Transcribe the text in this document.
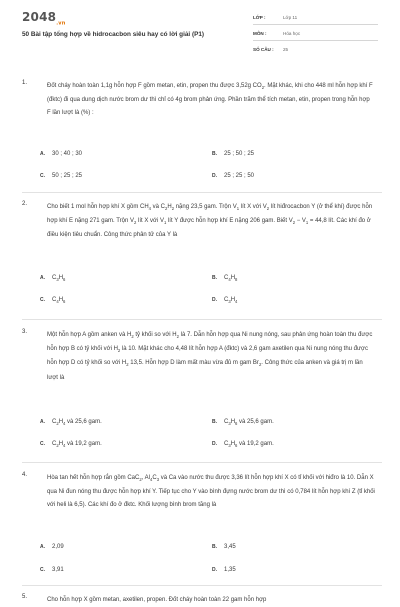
$2048_{.vn}$
50 Bài tập tổng hợp về hidrocacbon siêu hay có lời giải (P1)
LỚP :	Lớp 11
MÔN :	Hóa học
SỐ CÂU : 25
1.	Đốt cháy hoàn toàn 1,1g hỗn hợp F gồm metan, etin, propen thu được 3,52g $CO_2$. Mặt khác, khi cho 448 ml hỗn hợp khí F (đktc) đi qua dung dịch nước brom dư thì chỉ có 4g brom phản ứng. Phần trăm thể tích metan, etin, propen trong hỗn hợp F lần lượt là (%) :
A. 30 ; 40 ; 30	B. 25 ; 50 ; 25
C. 50 ; 25 ; 25	D. 25 ; 25 ; 50
2.	Cho biết 1 mol hỗn hợp khí X gồm $CH_4$ và $C_2H_2$ nặng 23,5 gam. Trộn $V_1$ lít X với $V_2$ lít hiđrocacbon Y (ở thể khí) được hỗn hợp khí E nặng 271 gam. Trộn $V_2$ lít X với $V_1$ lít Y được hỗn hợp khí E nặng 206 gam. Biết $V_2 - V_1 = 44,8$ lít. Các khí đo ở điều kiện tiêu chuẩn. Công thức phân tử của Y là
A. $C_3H_6$	B. $C_4H_8$
C. $C_4H_6$	D. $C_3H_4$
3.	Một hỗn hợp A gồm anken và $H_2$ tỷ khối so với $H_2$ là 7. Dẫn hỗn hợp qua Ni nung nóng, sau phản ứng hoàn toàn thu được hỗn hợp B có tỷ khối với $H_2$ là 10. Mặt khác cho 4,48 lít hỗn hợp A (đktc) và 2,6 gam axetilen qua Ni nung nóng thu được hỗn hợp D có tỷ khối so với $H_2$ 13,5. Hỗn hợp D làm mất màu vừa đủ m gam $Br_2$. Công thức của anken và giá trị m lần lượt là
A. $C_2H_4$ và 25,6 gam.	B. $C_3H_6$ và 25,6 gam.
C. $C_2H_4$ và 19,2 gam.	D. $C_3H_6$ và 19,2 gam.
4.	Hòa tan hết hỗn hợp rắn gồm CaC$_2$, $Al_4C_3$ và Ca vào nước thu được 3,36 lít hỗn hợp khí X có tỉ khối với hiđro là 10. Dẫn X qua Ni đun nóng thu được hỗn hợp khí Y. Tiếp tục cho Y vào bình đựng nước brom dư thì có 0,784 lít hỗn hợp khí Z (tỉ khối với heli là 6,5). Các khí đo ở đktc. Khối lượng bình brom tăng là
A. 2,09	B. 3,45
C. 3,91	D. 1,35
5.	Cho hỗn hợp X gồm metan, axetilen, propen. Đốt cháy hoàn toàn 22 gam hỗn hợp
